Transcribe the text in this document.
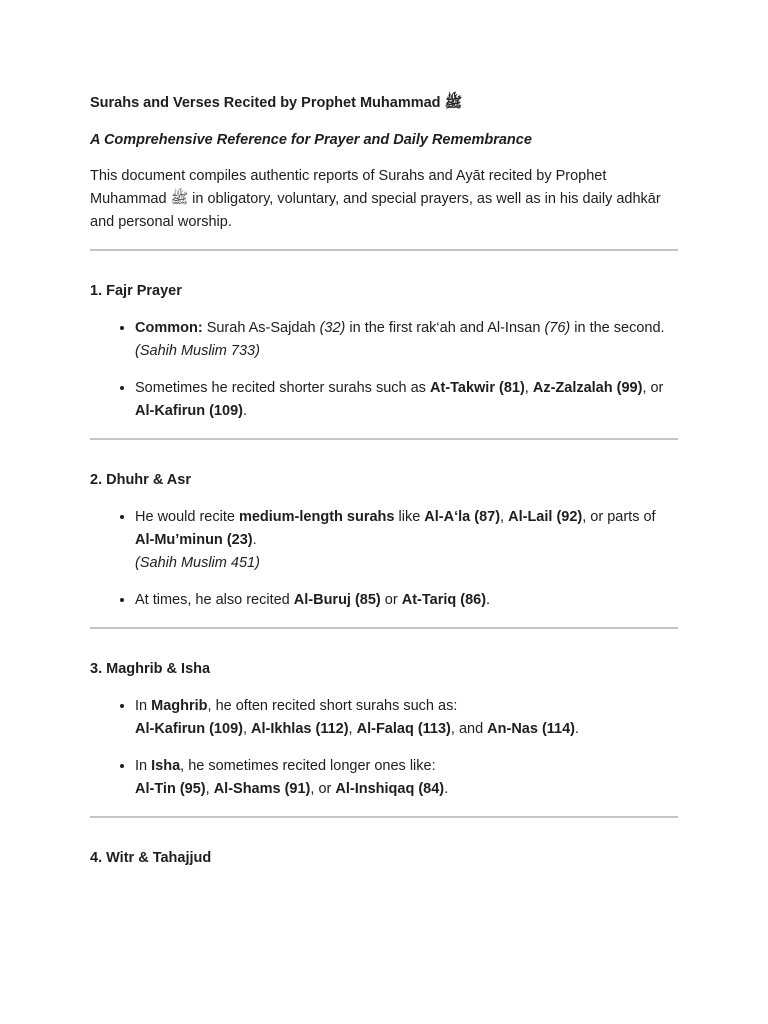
Surahs and Verses Recited by Prophet Muhammad ﷺ

A Comprehensive Reference for Prayer and Daily Remembrance

This document compiles authentic reports of Surahs and Ayāt recited by Prophet Muhammad ﷺ in obligatory, voluntary, and special prayers, as well as in his daily adhkār and personal worship.

1. Fajr Prayer
• Common: Surah As-Sajdah (32) in the first rak‘ah and Al-Insan (76) in the second.
(Sahih Muslim 733)
• Sometimes he recited shorter surahs such as At-Takwir (81), Az-Zalzalah (99), or Al-Kafirun (109).
2. Dhuhr & Asr
• He would recite medium-length surahs like Al-A‘la (87), Al-Lail (92), or parts of Al-Mu’minun (23).
(Sahih Muslim 451)
• At times, he also recited Al-Buruj (85) or At-Tariq (86).
3. Maghrib & Isha
• In Maghrib, he often recited short surahs such as:
Al-Kafirun (109), Al-Ikhlas (112), Al-Falaq (113), and An-Nas (114).
• In Isha, he sometimes recited longer ones like:
Al-Tin (95), Al-Shams (91), or Al-Inshiqaq (84).
4. Witr & Tahajjud
